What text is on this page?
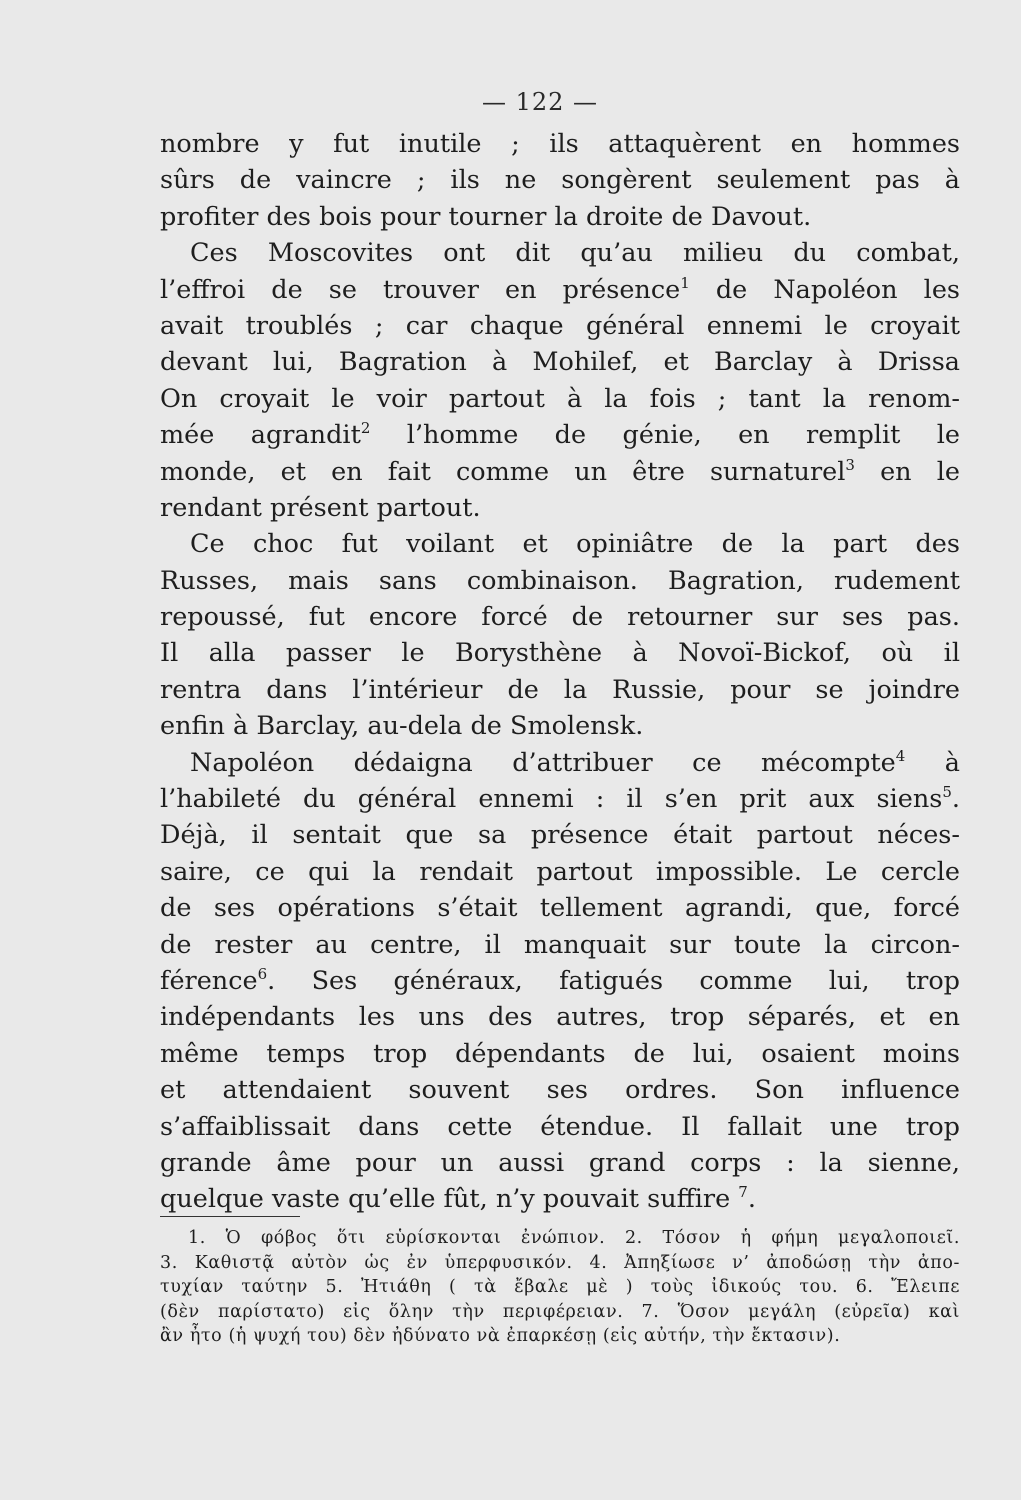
— 122 —
nombre y fut inutile ; ils attaquèrent en hommes
sûrs de vaincre ; ils ne songèrent seulement pas à
profiter des bois pour tourner la droite de Davout.
Ces Moscovites ont dit qu’au milieu du combat,
l’effroi de se trouver en présence$^1$ de Napoléon les
avait troublés ; car chaque général ennemi le croyait
devant lui, Bagration à Mohilef, et Barclay à Drissa
On croyait le voir partout à la fois ; tant la renom-
mée agrandit$^2$ l’homme de génie, en remplit le
monde, et en fait comme un être surnaturel$^3$ en le
rendant présent partout.
Ce choc fut voilant et opiniâtre de la part des
Russes, mais sans combinaison. Bagration, rudement
repoussé, fut encore forcé de retourner sur ses pas.
Il alla passer le Borysthène à Novoï-Bickof, où il
rentra dans l’intérieur de la Russie, pour se joindre
enfin à Barclay, au-dela de Smolensk.
Napoléon dédaigna d’attribuer ce mécompte$^4$ à
l’habileté du général ennemi : il s’en prit aux siens$^5$.
Déjà, il sentait que sa présence était partout néces-
saire, ce qui la rendait partout impossible. Le cercle
de ses opérations s’était tellement agrandi, que, forcé
de rester au centre, il manquait sur toute la circon-
férence$^6$. Ses généraux, fatigués comme lui, trop
indépendants les uns des autres, trop séparés, et en
même temps trop dépendants de lui, osaient moins
et attendaient souvent ses ordres. Son influence
s’affaiblissait dans cette étendue. Il fallait une trop
grande âme pour un aussi grand corps : la sienne,
quelque vaste qu’elle fût, n’y pouvait suffire $^7$.
1. Ὁ φόβος ὅτι εὑρίσκονται ἐνώπιον. 2. Τόσον ἡ φήμη μεγαλοποιεῖ.
3. Καθιστᾷ αὐτὸν ὡς ἐν ὑπερφυσικόν. 4. Ἀπηξίωσε ν’ ἀποδώσῃ τὴν ἀπο-
τυχίαν ταύτην 5. Ἠτιάθη ( τὰ ἔβαλε μὲ ) τοὺς ἰδικούς του. 6. Ἔλειπε
(δὲν παρίστατο) εἰς ὅλην τὴν περιφέρειαν. 7. Ὅσον μεγάλη (εὐρεῖα) καὶ
ἂν ἦτο (ἡ ψυχή του) δὲν ἠδύνατο νὰ ἐπαρκέσῃ (εἰς αὐτήν, τὴν ἔκτασιν).
